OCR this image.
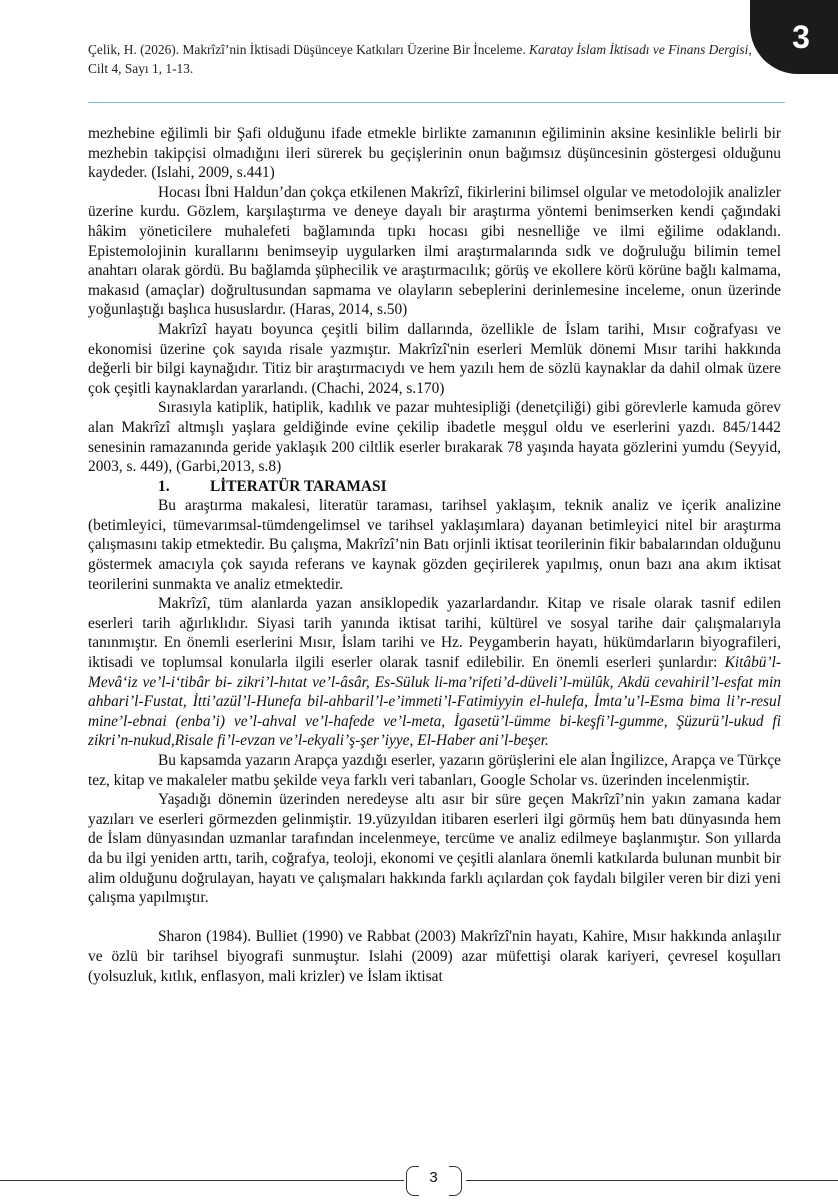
Çelik, H. (2026). Makrîzî’nin İktisadi Düşünceye Katkıları Üzerine Bir İnceleme. Karatay İslam İktisadı ve Finans Dergisi, Cilt 4, Sayı 1, 1-13.
3

mezhebine eğilimli bir Şafi olduğunu ifade etmekle birlikte zamanının eğiliminin aksine kesinlikle belirli bir mezhebin takipçisi olmadığını ileri sürerek bu geçişlerinin onun bağımsız düşüncesinin göstergesi olduğunu kaydeder. (Islahi, 2009, s.441)

Hocası İbni Haldun’dan çokça etkilenen Makrîzî, fikirlerini bilimsel olgular ve metodolojik analizler üzerine kurdu. Gözlem, karşılaştırma ve deneye dayalı bir araştırma yöntemi benimserken kendi çağındaki hâkim yöneticilere muhalefeti bağlamında tıpkı hocası gibi nesnelliğe ve ilmi eğilime odaklandı. Epistemolojinin kurallarını benimseyip uygularken ilmi araştırmalarında sıdk ve doğruluğu bilimin temel anahtarı olarak gördü. Bu bağlamda şüphecilik ve araştırmacılık; görüş ve ekollere körü körüne bağlı kalmama, makasıd (amaçlar) doğrultusundan sapmama ve olayların sebeplerini derinlemesine inceleme, onun üzerinde yoğunlaştığı başlıca hususlardır. (Haras, 2014, s.50)

Makrîzî hayatı boyunca çeşitli bilim dallarında, özellikle de İslam tarihi, Mısır coğrafyası ve ekonomisi üzerine çok sayıda risale yazmıştır. Makrîzî'nin eserleri Memlük dönemi Mısır tarihi hakkında değerli bir bilgi kaynağıdır. Titiz bir araştırmacıydı ve hem yazılı hem de sözlü kaynaklar da dahil olmak üzere çok çeşitli kaynaklardan yararlandı. (Chachi, 2024, s.170)

Sırasıyla katiplik, hatiplik, kadılık ve pazar muhtesipliği (denetçiliği) gibi görevlerle kamuda görev alan Makrîzî altmışlı yaşlara geldiğinde evine çekilip ibadetle meşgul oldu ve eserlerini yazdı. 845/1442 senesinin ramazanında geride yaklaşık 200 ciltlik eserler bırakarak 78 yaşında hayata gözlerini yumdu (Seyyid, 2003, s. 449), (Garbi,2013, s.8)

1.	LİTERATÜR TARAMASI

Bu araştırma makalesi, literatür taraması, tarihsel yaklaşım, teknik analiz ve içerik analizine (betimleyici, tümevarımsal-tümdengelimsel ve tarihsel yaklaşımlara) dayanan betimleyici nitel bir araştırma çalışmasını takip etmektedir. Bu çalışma, Makrîzî’nin Batı orjinli iktisat teorilerinin fikir babalarından olduğunu göstermek amacıyla çok sayıda referans ve kaynak gözden geçirilerek yapılmış, onun bazı ana akım iktisat teorilerini sunmakta ve analiz etmektedir.

Makrîzî, tüm alanlarda yazan ansiklopedik yazarlardandır. Kitap ve risale olarak tasnif edilen eserleri tarih ağırlıklıdır. Siyasi tarih yanında iktisat tarihi, kültürel ve sosyal tarihe dair çalışmalarıyla tanınmıştır. En önemli eserlerini Mısır, İslam tarihi ve Hz. Peygamberin hayatı, hükümdarların biyografileri, iktisadi ve toplumsal konularla ilgili eserler olarak tasnif edilebilir. En önemli eserleri şunlardır: Kitâbü’l-Mevâ‘iz ve’l-i‘tibâr bi- zikri’l-hıtat ve’l-âsâr, Es-Süluk li-ma’rifeti’d-düveli’l-mülûk, Akdü cevahiril’l-esfat min ahbari’l-Fustat, İtti’azül’l-Hunefa bil-ahbaril’l-e’immeti’l-Fatimiyyin el-hulefa, İmta’u’l-Esma bima li’r-resul mine’l-ebnai (enba’i) ve’l-ahval ve’l-hafede ve’l-meta, İgasetü’l-ümme bi-keşfi’l-gumme, Şüzurü’l-ukud fi zikri’n-nukud,Risale fi’l-evzan ve’l-ekyali’ş-şer’iyye, El-Haber ani’l-beşer.

Bu kapsamda yazarın Arapça yazdığı eserler, yazarın görüşlerini ele alan İngilizce, Arapça ve Türkçe tez, kitap ve makaleler matbu şekilde veya farklı veri tabanları, Google Scholar vs. üzerinden incelenmiştir.

Yaşadığı dönemin üzerinden neredeyse altı asır bir süre geçen Makrîzî’nin yakın zamana kadar yazıları ve eserleri görmezden gelinmiştir. 19.yüzyıldan itibaren eserleri ilgi görmüş hem batı dünyasında hem de İslam dünyasından uzmanlar tarafından incelenmeye, tercüme ve analiz edilmeye başlanmıştır. Son yıllarda da bu ilgi yeniden arttı, tarih, coğrafya, teoloji, ekonomi ve çeşitli alanlara önemli katkılarda bulunan munbit bir alim olduğunu doğrulayan, hayatı ve çalışmaları hakkında farklı açılardan çok faydalı bilgiler veren bir dizi yeni çalışma yapılmıştır.

Sharon (1984). Bulliet (1990) ve Rabbat (2003) Makrîzî'nin hayatı, Kahire, Mısır hakkında anlaşılır ve özlü bir tarihsel biyografi sunmuştur. Islahi (2009) azar müfettişi olarak kariyeri, çevresel koşulları (yolsuzluk, kıtlık, enflasyon, mali krizler) ve İslam iktisat

3
